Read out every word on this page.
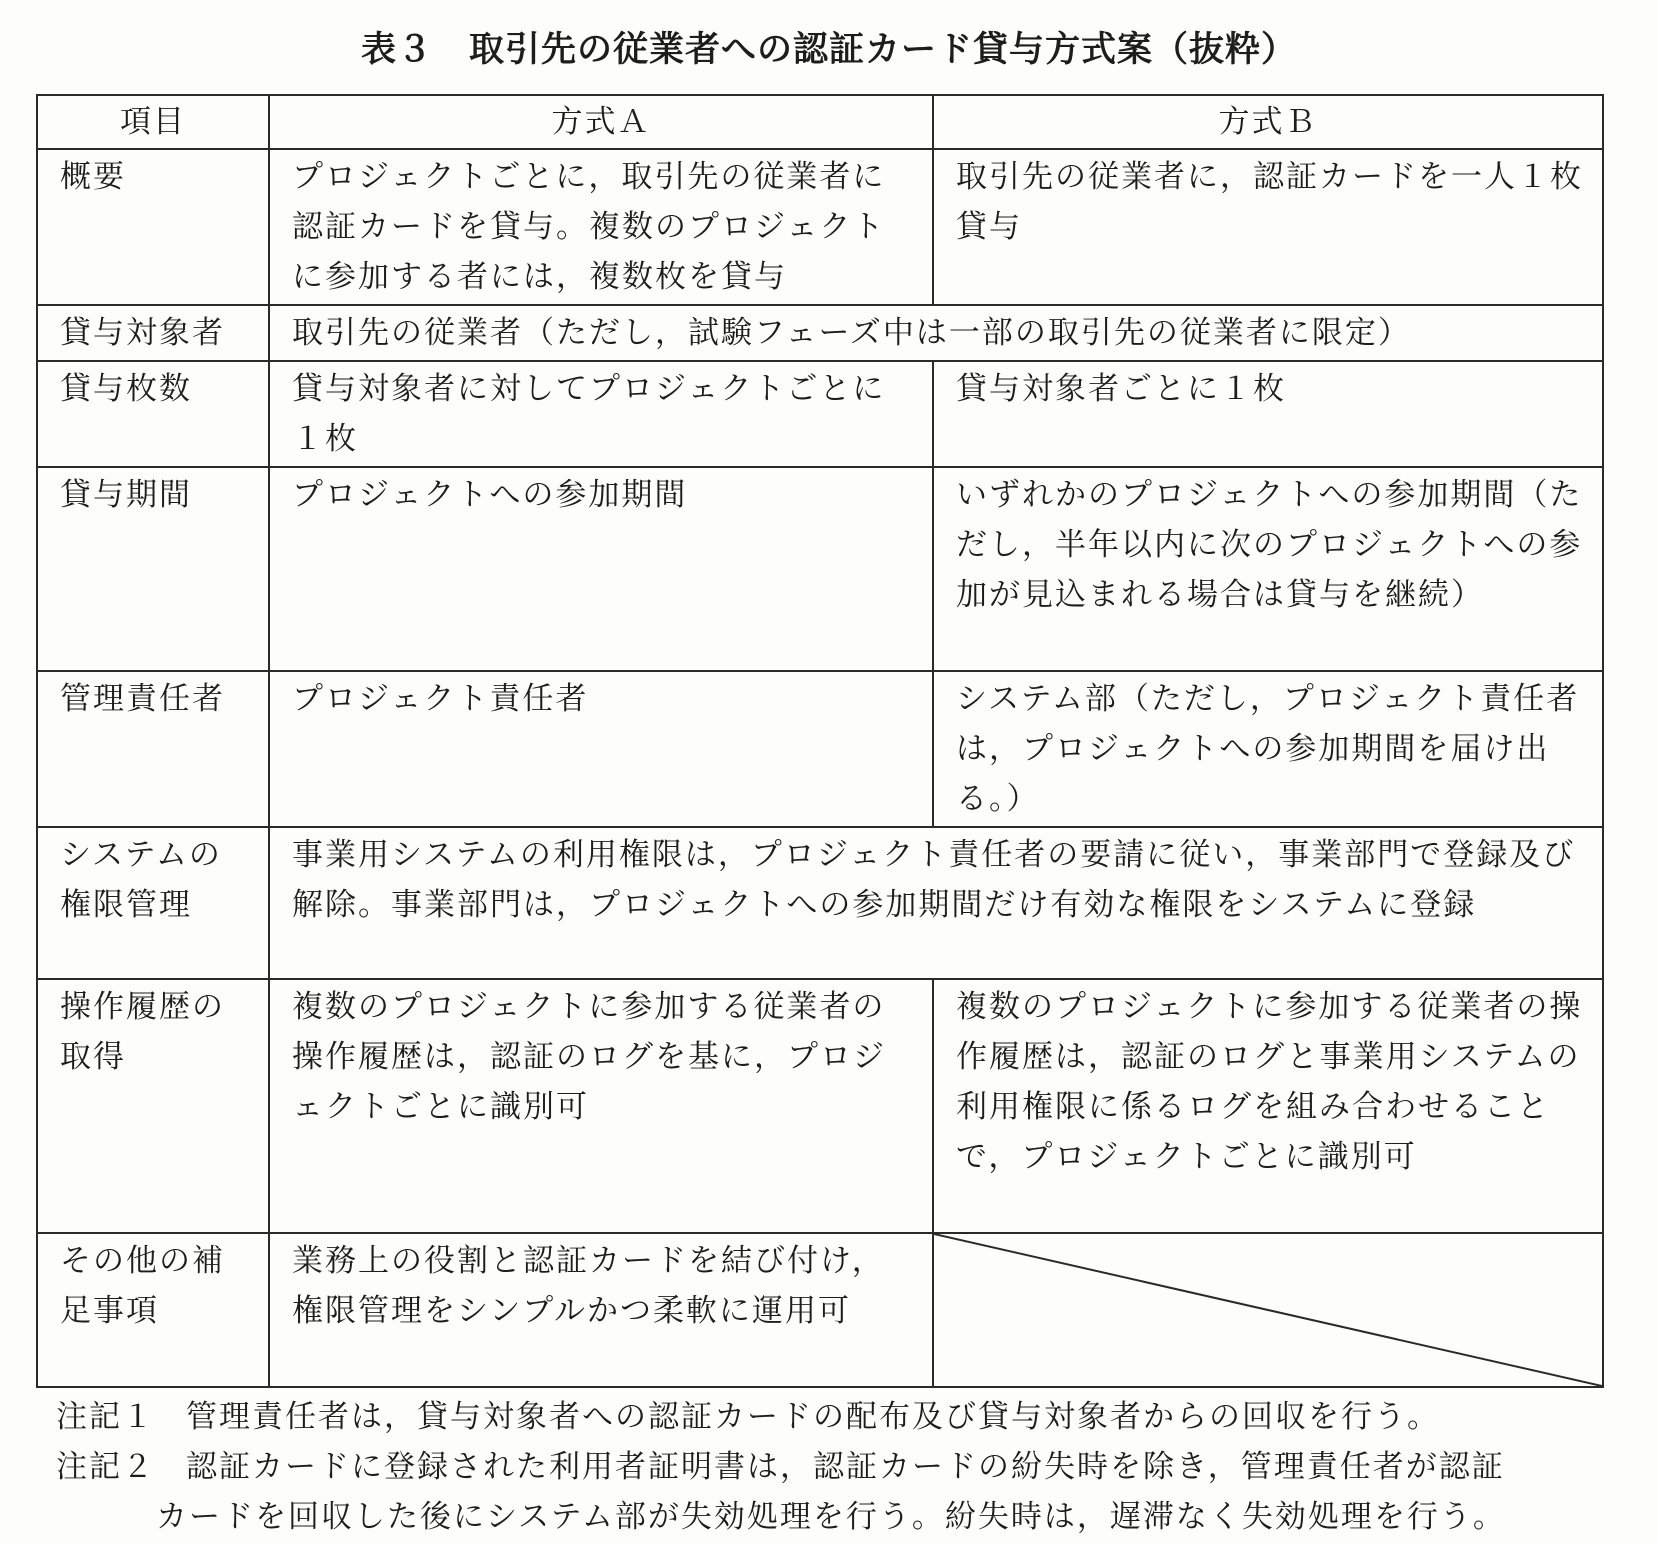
表３　取引先の従業者への認証カード貸与方式案（抜粋）
項目	方式Ａ	方式Ｂ
概要	プロジェクトごとに，取引先の従業者に認証カードを貸与。複数のプロジェクトに参加する者には，複数枚を貸与	取引先の従業者に，認証カードを一人１枚貸与
貸与対象者	取引先の従業者（ただし，試験フェーズ中は一部の取引先の従業者に限定）	
貸与枚数	貸与対象者に対してプロジェクトごとに１枚	貸与対象者ごとに１枚
貸与期間	プロジェクトへの参加期間	いずれかのプロジェクトへの参加期間（ただし，半年以内に次のプロジェクトへの参加が見込まれる場合は貸与を継続）
管理責任者	プロジェクト責任者	システム部（ただし，プロジェクト責任者は，プロジェクトへの参加期間を届け出る。）
システムの権限管理	事業用システムの利用権限は，プロジェクト責任者の要請に従い，事業部門で登録及び解除。事業部門は，プロジェクトへの参加期間だけ有効な権限をシステムに登録	
操作履歴の取得	複数のプロジェクトに参加する従業者の操作履歴は，認証のログを基に，プロジェクトごとに識別可	複数のプロジェクトに参加する従業者の操作履歴は，認証のログと事業用システムの利用権限に係るログを組み合わせることで，プロジェクトごとに識別可
その他の補足事項	業務上の役割と認証カードを結び付け，権限管理をシンプルかつ柔軟に運用可	
注記１	管理責任者は，貸与対象者への認証カードの配布及び貸与対象者からの回収を行う。
注記２	認証カードに登録された利用者証明書は，認証カードの紛失時を除き，管理責任者が認証
カードを回収した後にシステム部が失効処理を行う。紛失時は，遅滞なく失効処理を行う。
